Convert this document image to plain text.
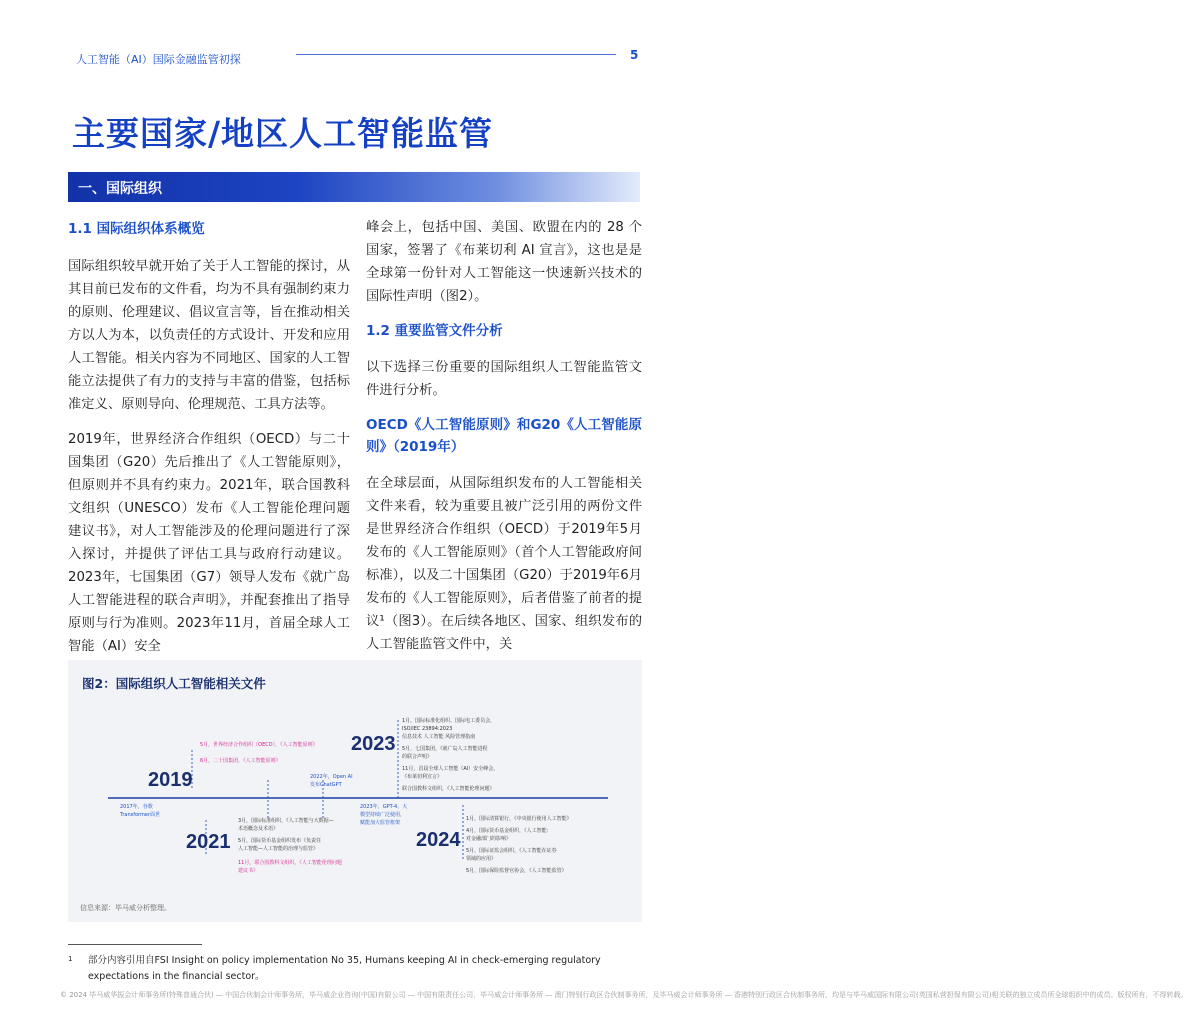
人工智能（AI）国际金融监管初探	5
主要国家/地区人工智能监管
一、国际组织

1.1 国际组织体系概览

国际组织较早就开始了关于人工智能的探讨，从其目前已发布的文件看，均为不具有强制约束力的原则、伦理建议、倡议宣言等，旨在推动相关方以人为本，以负责任的方式设计、开发和应用人工智能。相关内容为不同地区、国家的人工智能立法提供了有力的支持与丰富的借鉴，包括标准定义、原则导向、伦理规范、工具方法等。

2019年，世界经济合作组织（OECD）与二十国集团（G20）先后推出了《人工智能原则》，但原则并不具有约束力。2021年，联合国教科文组织（UNESCO）发布《人工智能伦理问题建议书》，对人工智能涉及的伦理问题进行了深入探讨，并提供了评估工具与政府行动建议。2023年，七国集团（G7）领导人发布《就广岛人工智能进程的联合声明》，并配套推出了指导原则与行为准则。2023年11月，首届全球人工智能（AI）安全

峰会上，包括中国、美国、欧盟在内的 28 个国家，签署了《布莱切利 AI 宣言》，这也是是全球第一份针对人工智能这一快速新兴技术的国际性声明（图2）。

1.2 重要监管文件分析

以下选择三份重要的国际组织人工智能监管文件进行分析。

OECD《人工智能原则》和G20《人工智能原则》（2019年）

在全球层面，从国际组织发布的人工智能相关文件来看，较为重要且被广泛引用的两份文件是世界经济合作组织（OECD）于2019年5月发布的《人工智能原则》（首个人工智能政府间标准），以及二十国集团（G20）于2019年6月发布的《人工智能原则》，后者借鉴了前者的提议¹（图3）。在后续各地区、国家、组织发布的人工智能监管文件中，关

图2：国际组织人工智能相关文件
2019
2021
2023
2024
5月，世界经济合作组织（OECD），《人工智能原则》
6月，二十国集团，《人工智能原则》
2017年，谷歌
Transformer面世
2022年，Open AI
发布ChatGPT
3月，国际标准组织，《人工智能与大数据—
术语概念及术语》
5月，国际货币基金组织发布《负责任
人工智能—人工智能的治理与监管》
11月，联合国教科文组织，《人工智能伦理问题
建议书》
2023年，GPT-4、大
模型持续广泛使用，
赋能加大监管框架
1月，国际标准化组织、国际电工委员会，
ISO/IEC 23894:2023
信息技术 人工智能 风险管理指南
5月，七国集团，《就广岛人工智能进程
的联合声明》
11月，首届全球人工智能（AI）安全峰会，
《布莱切利宣言》
联合国教科文组织，《人工智能伦理问题》
1月，国际清算银行，《中央银行使用人工智能》
4月，国际货币基金组织，《人工智能：
对金融部门的影响》
5月，国际证监会组织，《人工智能在证券
领域的应用》
5月，国际保险监督官协会，《人工智能监管》
信息来源：毕马威分析整理。
1	部分内容引用自FSI Insight on policy implementation No 35, Humans keeping AI in check-emerging regulatory expectations in the financial sector。
© 2024 毕马威华振会计师事务所(特殊普通合伙) — 中国合伙制会计师事务所，毕马威企业咨询(中国)有限公司 — 中国有限责任公司，毕马威会计师事务所 — 澳门特别行政区合伙制事务所，及毕马威会计师事务所 — 香港特别行政区合伙制事务所，均是与毕马威国际有限公司(英国私营担保有限公司)相关联的独立成员所全球组织中的成员。版权所有，不得转载。
